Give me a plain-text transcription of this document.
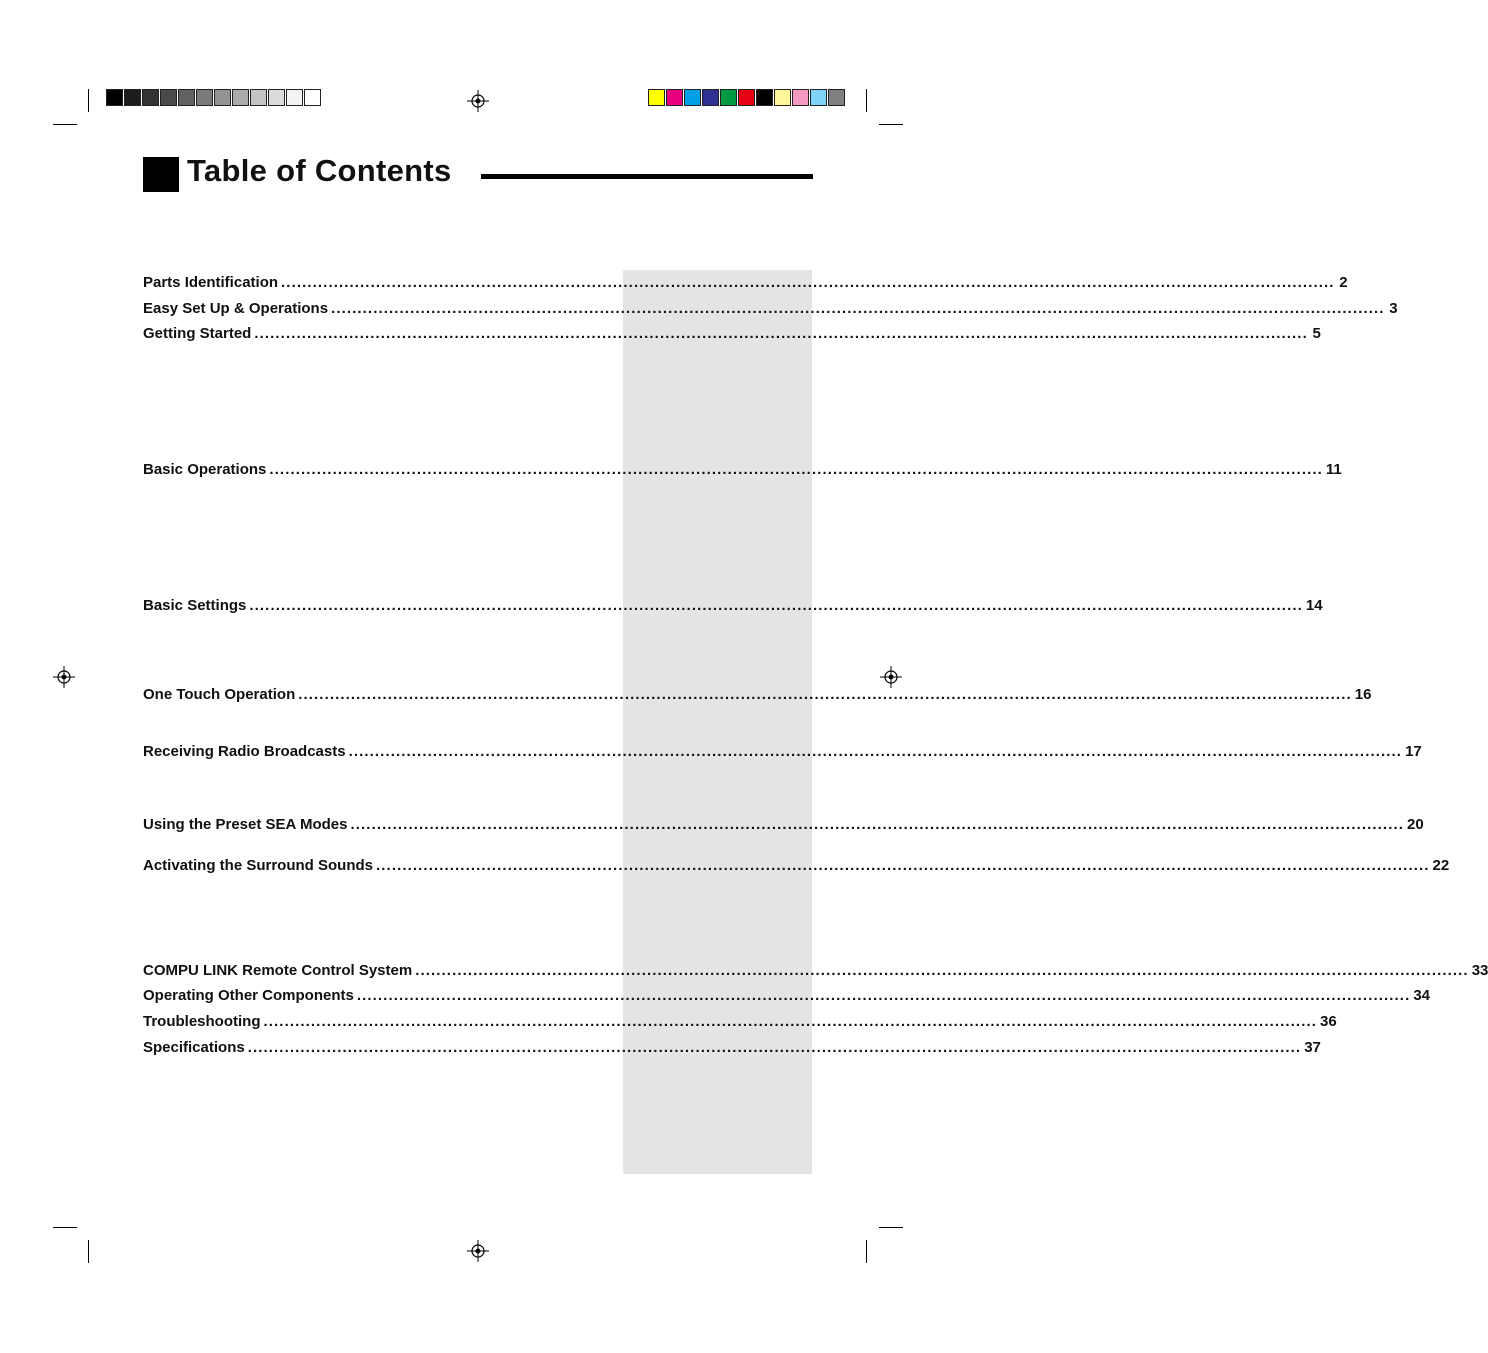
Table of Contents
Parts Identification ........................................................................................................................................................................................................ 2
Easy Set Up & Operations ........................................................................................................................................................................................................ 3
Getting Started ........................................................................................................................................................................................................ 5
Basic Operations ........................................................................................................................................................................................................ 11
Basic Settings ........................................................................................................................................................................................................ 14
One Touch Operation ........................................................................................................................................................................................................ 16
Receiving Radio Broadcasts ........................................................................................................................................................................................................ 17
Using the Preset SEA Modes ........................................................................................................................................................................................................ 20
Activating the Surround Sounds ........................................................................................................................................................................................................ 22
COMPU LINK Remote Control System ........................................................................................................................................................................................................ 33
Operating Other Components ........................................................................................................................................................................................................ 34
Troubleshooting ........................................................................................................................................................................................................ 36
Specifications ........................................................................................................................................................................................................ 37
